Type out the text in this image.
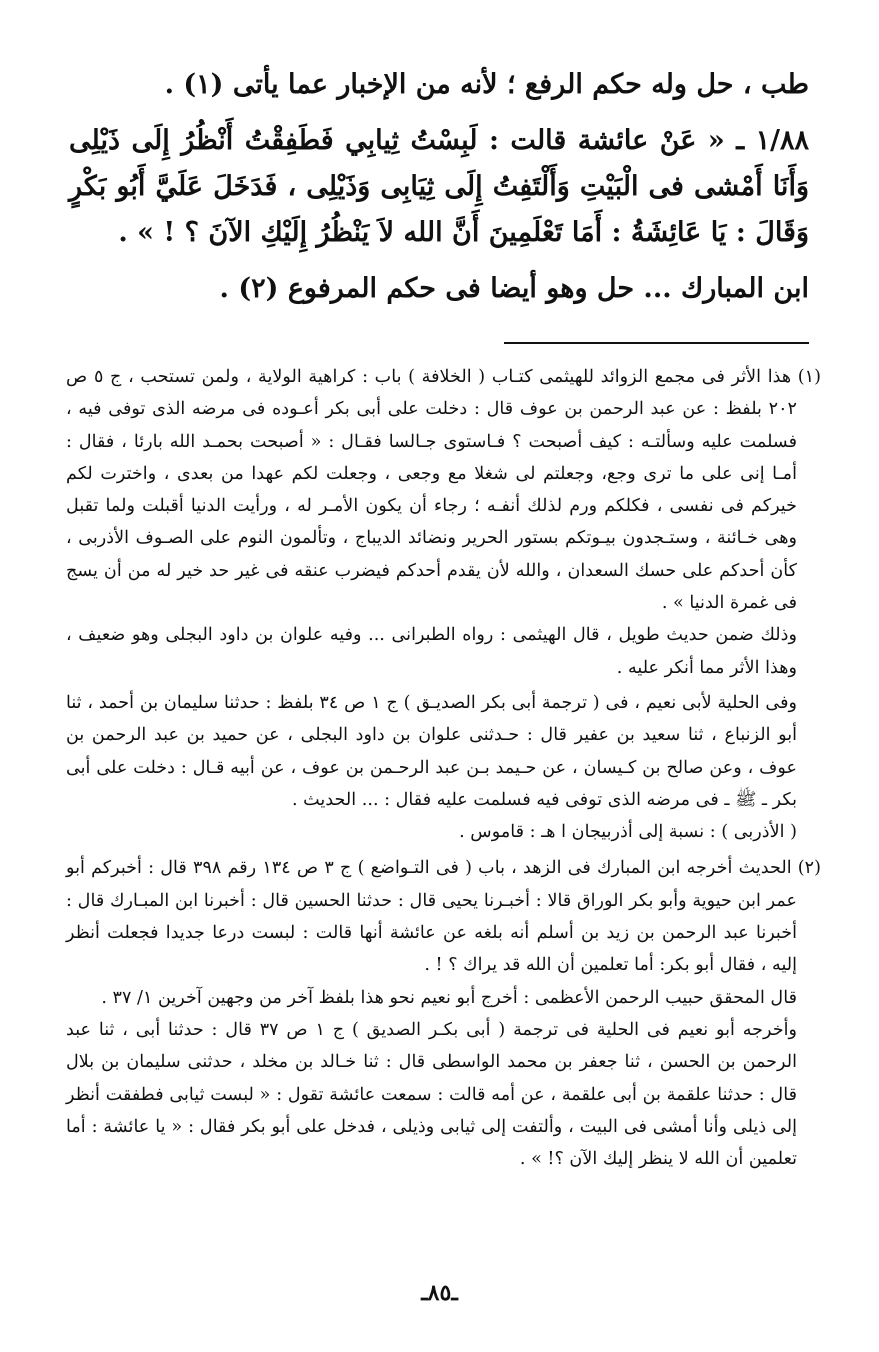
طب ، حل وله حكم الرفع ؛ لأنه من الإخبار عما يأتى (١) .

١/٨٨ ـ « عَنْ عائشة قالت : لَبِسْتُ ثِيابِي فَطَفِقْتُ أَنْظُرُ إِلَى ذَيْلِى وَأَنَا أَمْشى فى الْبَيْتِ وَأَلْتَفِتُ إِلَى ثِيَابِى وَذَيْلِى ، فَدَخَلَ عَلَيَّ أَبُو بَكْرٍ وَقَالَ : يَا عَائِشَةُ : أَمَا تَعْلَمِينَ أَنَّ الله لاَ يَنْظُرُ إِلَيْكِ الآنَ ؟ ! » .

ابن المبارك ... حل وهو أيضا فى حكم المرفوع (٢) .

(١) هذا الأثر فى مجمع الزوائد للهيثمى كتـاب ( الخلافة ) باب : كراهية الولاية ، ولمن تستحب ، ج ٥ ص ٢٠٢ بلفظ : عن عبد الرحمن بن عوف قال : دخلت على أبى بكر أعـوده فى مرضه الذى توفى فيه ، فسلمت عليه وسألتـه : كيف أصبحت ؟ فـاستوى جـالسا فقـال : « أصبحت بحمـد الله بارئا ، فقال : أمـا إنى على ما ترى وجع، وجعلتم لى شغلا مع وجعى ، وجعلت لكم عهدا من بعدى ، واخترت لكم خيركم فى نفسى ، فكلكم ورم لذلك أنفـه ؛ رجاء أن يكون الأمـر له ، ورأيت الدنيا أقبلت ولما تقبل وهى خـائنة ، وستـجدون بيـوتكم بستور الحرير ونضائد الديباج ، وتألمون النوم على الصـوف الأذربى ، كأن أحدكم على حسك السعدان ، والله لأن يقدم أحدكم فيضرب عنقه فى غير حد خير له من أن يسج فى غمرة الدنيا » .

وذلك ضمن حديث طويل ، قال الهيثمى : رواه الطبرانى ... وفيه علوان بن داود البجلى وهو ضعيف ، وهذا الأثر مما أنكر عليه .

وفى الحلية لأبى نعيم ، فى ( ترجمة أبى بكر الصديـق ) ج ١ ص ٣٤ بلفظ : حدثنا سليمان بن أحمد ، ثنا أبو الزنباع ، ثنا سعيد بن عفير قال : حـدثنى علوان بن داود البجلى ، عن حميد بن عبد الرحمن بن عوف ، وعن صالح بن كـيسان ، عن حـيمد بـن عبد الرحـمن بن عوف ، عن أبيه قـال : دخلت على أبى بكر ـ ﷺ ـ فى مرضه الذى توفى فيه فسلمت عليه فقال : ... الحديث .

( الأذربى ) : نسبة إلى أذربيجان ا هـ : قاموس .

(٢) الحديث أخرجه ابن المبارك فى الزهد ، باب ( فى التـواضع ) ج ٣ ص ١٣٤ رقم ٣٩٨ قال : أخبركم أبو عمر ابن حيوية وأبو بكر الوراق قالا : أخبـرنا يحيى قال : حدثنا الحسين قال : أخبرنا ابن المبـارك قال : أخبرنا عبد الرحمن بن زيد بن أسلم أنه بلغه عن عائشة أنها قالت : لبست درعا جديدا فجعلت أنظر إليه ، فقال أبو بكر: أما تعلمين أن الله قد يراك ؟ ! .

قال المحقق حبيب الرحمن الأعظمى : أخرج أبو نعيم نحو هذا بلفظ آخر من وجهين آخرين ١/ ٣٧ .

وأخرجه أبو نعيم فى الحلية فى ترجمة ( أبى بكـر الصديق ) ج ١ ص ٣٧ قال : حدثنا أبى ، ثنا عبد الرحمن بن الحسن ، ثنا جعفر بن محمد الواسطى قال : ثنا خـالد بن مخلد ، حدثنى سليمان بن بلال قال : حدثنا علقمة بن أبى علقمة ، عن أمه قالت : سمعت عائشة تقول : « لبست ثيابى فطفقت أنظر إلى ذيلى وأنا أمشى فى البيت ، وألتفت إلى ثيابى وذيلى ، فدخل على أبو بكر فقال : « يا عائشة : أما تعلمين أن الله لا ينظر إليك الآن ؟! » .

ـ٨٥ـ
